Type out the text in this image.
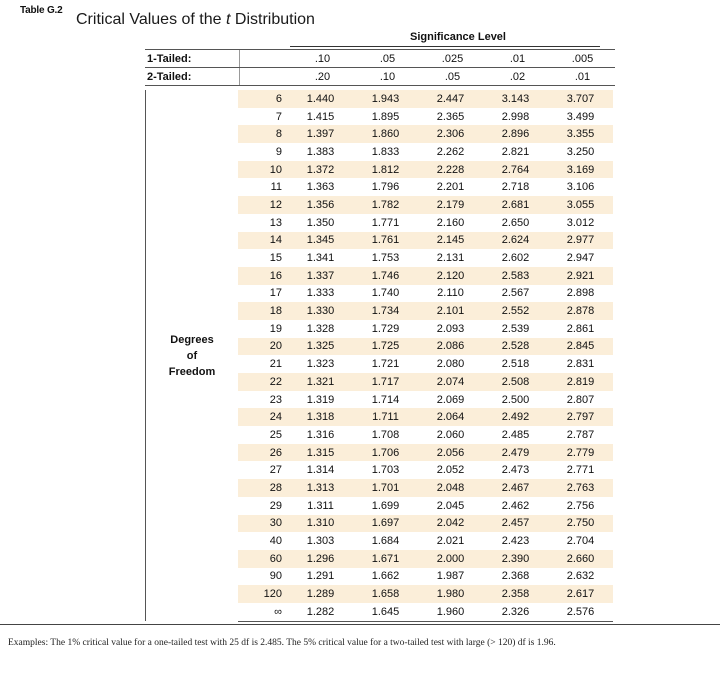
Table G.2
Critical Values of the t Distribution
Significance Level
1-Tailed:		.10	.05	.025	.01	.005
2-Tailed:		.20	.10	.05	.02	.01
Degrees
of
Freedom	6	1.440	1.943	2.447	3.143	3.707
	7	1.415	1.895	2.365	2.998	3.499
	8	1.397	1.860	2.306	2.896	3.355
	9	1.383	1.833	2.262	2.821	3.250
	10	1.372	1.812	2.228	2.764	3.169
	11	1.363	1.796	2.201	2.718	3.106
	12	1.356	1.782	2.179	2.681	3.055
	13	1.350	1.771	2.160	2.650	3.012
	14	1.345	1.761	2.145	2.624	2.977
	15	1.341	1.753	2.131	2.602	2.947
	16	1.337	1.746	2.120	2.583	2.921
	17	1.333	1.740	2.110	2.567	2.898
	18	1.330	1.734	2.101	2.552	2.878
	19	1.328	1.729	2.093	2.539	2.861
	20	1.325	1.725	2.086	2.528	2.845
	21	1.323	1.721	2.080	2.518	2.831
	22	1.321	1.717	2.074	2.508	2.819
	23	1.319	1.714	2.069	2.500	2.807
	24	1.318	1.711	2.064	2.492	2.797
	25	1.316	1.708	2.060	2.485	2.787
	26	1.315	1.706	2.056	2.479	2.779
	27	1.314	1.703	2.052	2.473	2.771
	28	1.313	1.701	2.048	2.467	2.763
	29	1.311	1.699	2.045	2.462	2.756
	30	1.310	1.697	2.042	2.457	2.750
	40	1.303	1.684	2.021	2.423	2.704
	60	1.296	1.671	2.000	2.390	2.660
	90	1.291	1.662	1.987	2.368	2.632
	120	1.289	1.658	1.980	2.358	2.617
	∞	1.282	1.645	1.960	2.326	2.576
Examples: The 1% critical value for a one-tailed test with 25 df is 2.485. The 5% critical value for a two-tailed test with large (> 120) df is 1.96.
